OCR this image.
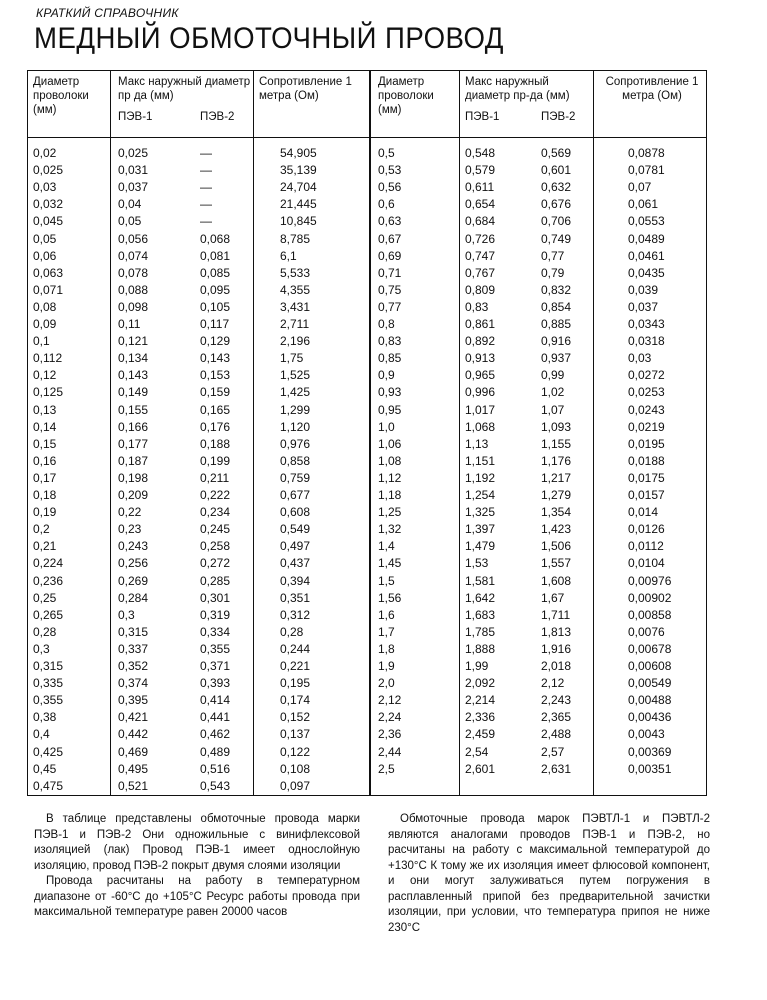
КРАТКИЙ СПРАВОЧНИК
МЕДНЫЙ ОБМОТОЧНЫЙ ПРОВОД
Диаметр проволоки (мм)
Макс наружный диаметр пр да (мм)
ПЭВ-1	ПЭВ-2
Сопротивление 1 метра (Ом)
Диаметр проволоки (мм)
Макс наружный диаметр пр-да (мм)
ПЭВ-1	ПЭВ-2
Сопротивление 1 метра (Ом)
0,02	0,025	—	54,905
0,025	0,031	—	35,139
0,03	0,037	—	24,704
0,032	0,04	—	21,445
0,045	0,05	—	10,845
0,05	0,056	0,068	8,785
0,06	0,074	0,081	6,1
0,063	0,078	0,085	5,533
0,071	0,088	0,095	4,355
0,08	0,098	0,105	3,431
0,09	0,11	0,117	2,711
0,1	0,121	0,129	2,196
0,112	0,134	0,143	1,75
0,12	0,143	0,153	1,525
0,125	0,149	0,159	1,425
0,13	0,155	0,165	1,299
0,14	0,166	0,176	1,120
0,15	0,177	0,188	0,976
0,16	0,187	0,199	0,858
0,17	0,198	0,211	0,759
0,18	0,209	0,222	0,677
0,19	0,22	0,234	0,608
0,2	0,23	0,245	0,549
0,21	0,243	0,258	0,497
0,224	0,256	0,272	0,437
0,236	0,269	0,285	0,394
0,25	0,284	0,301	0,351
0,265	0,3	0,319	0,312
0,28	0,315	0,334	0,28
0,3	0,337	0,355	0,244
0,315	0,352	0,371	0,221
0,335	0,374	0,393	0,195
0,355	0,395	0,414	0,174
0,38	0,421	0,441	0,152
0,4	0,442	0,462	0,137
0,425	0,469	0,489	0,122
0,45	0,495	0,516	0,108
0,475	0,521	0,543	0,097
0,5	0,548	0,569	0,0878
0,53	0,579	0,601	0,0781
0,56	0,611	0,632	0,07
0,6	0,654	0,676	0,061
0,63	0,684	0,706	0,0553
0,67	0,726	0,749	0,0489
0,69	0,747	0,77	0,0461
0,71	0,767	0,79	0,0435
0,75	0,809	0,832	0,039
0,77	0,83	0,854	0,037
0,8	0,861	0,885	0,0343
0,83	0,892	0,916	0,0318
0,85	0,913	0,937	0,03
0,9	0,965	0,99	0,0272
0,93	0,996	1,02	0,0253
0,95	1,017	1,07	0,0243
1,0	1,068	1,093	0,0219
1,06	1,13	1,155	0,0195
1,08	1,151	1,176	0,0188
1,12	1,192	1,217	0,0175
1,18	1,254	1,279	0,0157
1,25	1,325	1,354	0,014
1,32	1,397	1,423	0,0126
1,4	1,479	1,506	0,0112
1,45	1,53	1,557	0,0104
1,5	1,581	1,608	0,00976
1,56	1,642	1,67	0,00902
1,6	1,683	1,711	0,00858
1,7	1,785	1,813	0,0076
1,8	1,888	1,916	0,00678
1,9	1,99	2,018	0,00608
2,0	2,092	2,12	0,00549
2,12	2,214	2,243	0,00488
2,24	2,336	2,365	0,00436
2,36	2,459	2,488	0,0043
2,44	2,54	2,57	0,00369
2,5	2,601	2,631	0,00351

В таблице представлены обмоточные провода марки ПЭВ-1 и ПЭВ-2 Они одножильные с винифлексовой изоляцией (лак) Провод ПЭВ-1 имеет однослойную изоляцию, провод ПЭВ-2 покрыт двумя слоями изоляции

Провода расчитаны на работу в температурном диапазоне от -60°С до +105°С Ресурс работы провода при максимальной температуре равен 20000 часов

Обмоточные провода марок ПЭВТЛ-1 и ПЭВТЛ-2 являются аналогами проводов ПЭВ-1 и ПЭВ-2, но расчитаны на работу с максимальной температурой до +130°С К тому же их изоляция имеет флюсовой компонент, и они могут залуживаться путем погружения в расплавленный припой без предварительной зачистки изоляции, при условии, что температура припоя не ниже 230°С
